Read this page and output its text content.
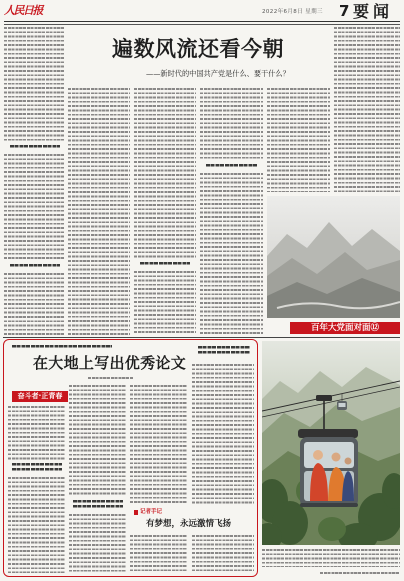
人民日报	2022年6月8日 星期三 7 要闻
遍数风流还看今朝
——新时代的中国共产党是什么、要干什么？
百年大党面对面⑫
在大地上写出优秀论文
奋斗者·正青春
记者手记
有梦想，永远激情飞扬
